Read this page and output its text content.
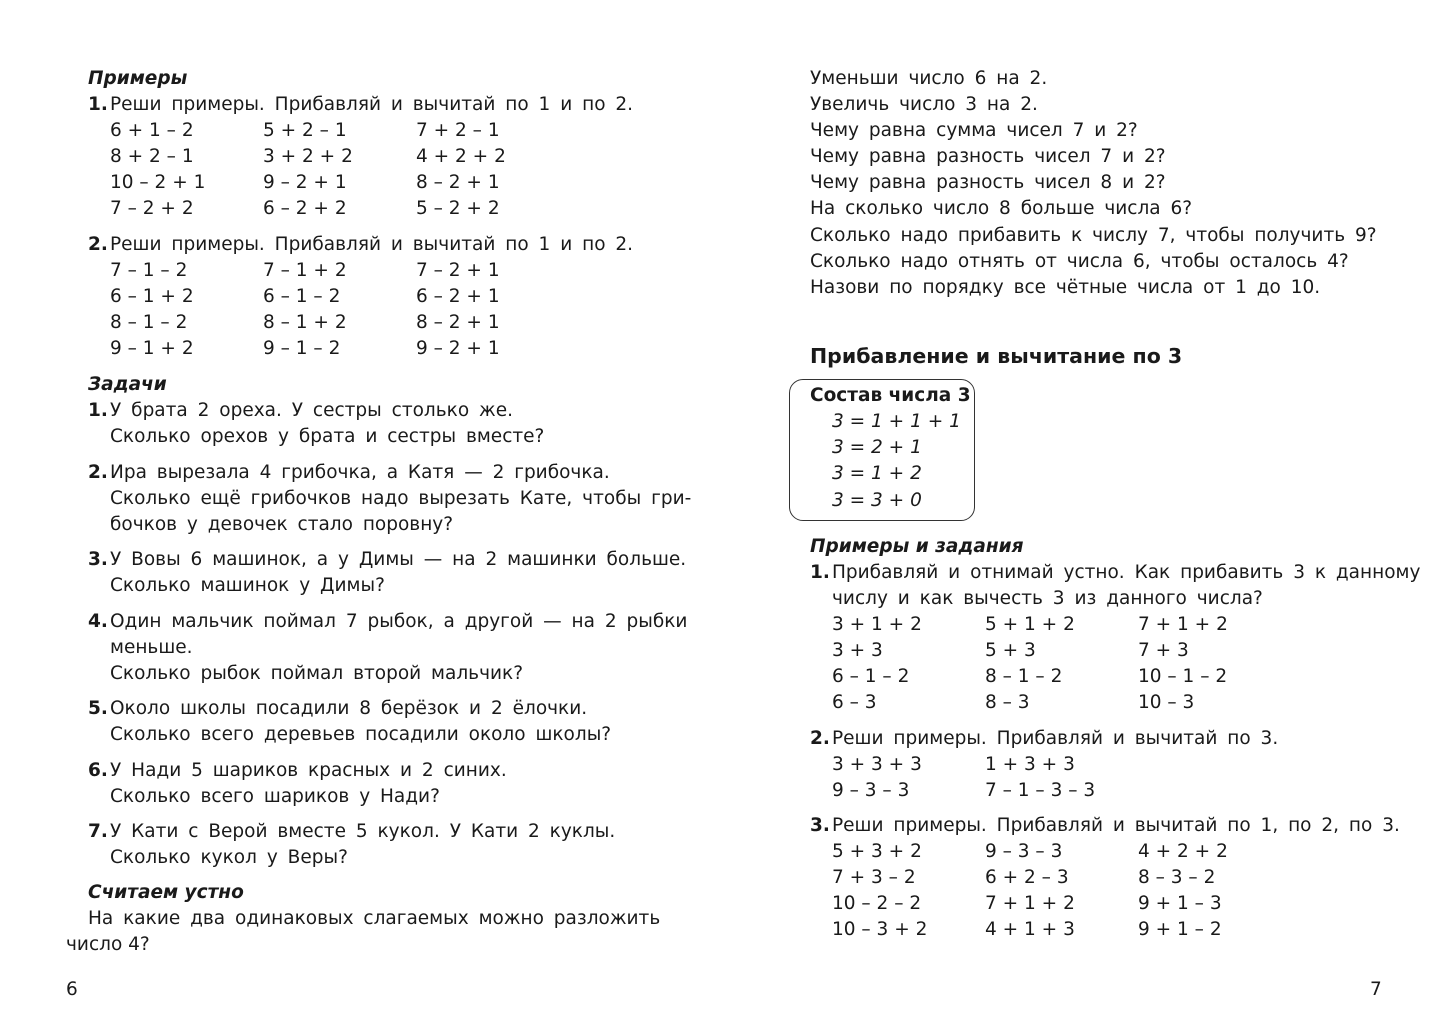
Примеры
1. Реши примеры. Прибавляй и вычитай по 1 и по 2.
6 + 1 – 2	5 + 2 – 1	7 + 2 – 1
8 + 2 – 1	3 + 2 + 2	4 + 2 + 2
10 – 2 + 1	9 – 2 + 1	8 – 2 + 1
7 – 2 + 2	6 – 2 + 2	5 – 2 + 2
2. Реши примеры. Прибавляй и вычитай по 1 и по 2.
7 – 1 – 2	7 – 1 + 2	7 – 2 + 1
6 – 1 + 2	6 – 1 – 2	6 – 2 + 1
8 – 1 – 2	8 – 1 + 2	8 – 2 + 1
9 – 1 + 2	9 – 1 – 2	9 – 2 + 1
Задачи
1. У брата 2 ореха. У сестры столько же.
Сколько орехов у брата и сестры вместе?
2. Ира вырезала 4 грибочка, а Катя — 2 грибочка.
Сколько ещё грибочков надо вырезать Кате, чтобы гри-
бочков у девочек стало поровну?
3. У Вовы 6 машинок, а у Димы — на 2 машинки больше.
Сколько машинок у Димы?
4. Один мальчик поймал 7 рыбок, а другой — на 2 рыбки
меньше.
Сколько рыбок поймал второй мальчик?
5. Около школы посадили 8 берёзок и 2 ёлочки.
Сколько всего деревьев посадили около школы?
6. У Нади 5 шариков красных и 2 синих.
Сколько всего шариков у Нади?
7. У Кати с Верой вместе 5 кукол. У Кати 2 куклы.
Сколько кукол у Веры?
Считаем устно
На какие два одинаковых слагаемых можно разложить
число 4?
6
Уменьши число 6 на 2.
Увеличь число 3 на 2.
Чему равна сумма чисел 7 и 2?
Чему равна разность чисел 7 и 2?
Чему равна разность чисел 8 и 2?
На сколько число 8 больше числа 6?
Сколько надо прибавить к числу 7, чтобы получить 9?
Сколько надо отнять от числа 6, чтобы осталось 4?
Назови по порядку все чётные числа от 1 до 10.
Прибавление и вычитание по 3
Состав числа 3
3 = 1 + 1 + 1
3 = 2 + 1
3 = 1 + 2
3 = 3 + 0
Примеры и задания
1. Прибавляй и отнимай устно. Как прибавить 3 к данному
числу и как вычесть 3 из данного числа?
3 + 1 + 2	5 + 1 + 2	7 + 1 + 2
3 + 3	5 + 3	7 + 3
6 – 1 – 2	8 – 1 – 2	10 – 1 – 2
6 – 3	8 – 3	10 – 3
2. Реши примеры. Прибавляй и вычитай по 3.
3 + 3 + 3	1 + 3 + 3
9 – 3 – 3	7 – 1 – 3 – 3
3. Реши примеры. Прибавляй и вычитай по 1, по 2, по 3.
5 + 3 + 2	9 – 3 – 3	4 + 2 + 2
7 + 3 – 2	6 + 2 – 3	8 – 3 – 2
10 – 2 – 2	7 + 1 + 2	9 + 1 – 3
10 – 3 + 2	4 + 1 + 3	9 + 1 – 2
7
